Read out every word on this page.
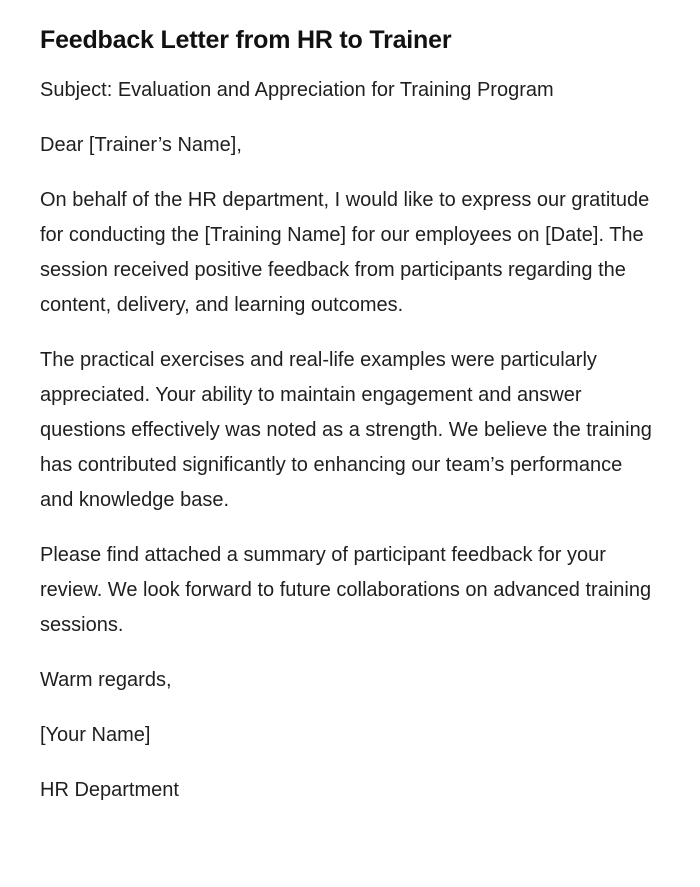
Feedback Letter from HR to Trainer

Subject: Evaluation and Appreciation for Training Program

Dear [Trainer’s Name],

On behalf of the HR department, I would like to express our gratitude for conducting the [Training Name] for our employees on [Date]. The session received positive feedback from participants regarding the content, delivery, and learning outcomes.

The practical exercises and real-life examples were particularly appreciated. Your ability to maintain engagement and answer questions effectively was noted as a strength. We believe the training has contributed significantly to enhancing our team’s performance and knowledge base.

Please find attached a summary of participant feedback for your review. We look forward to future collaborations on advanced training sessions.

Warm regards,

[Your Name]

HR Department
